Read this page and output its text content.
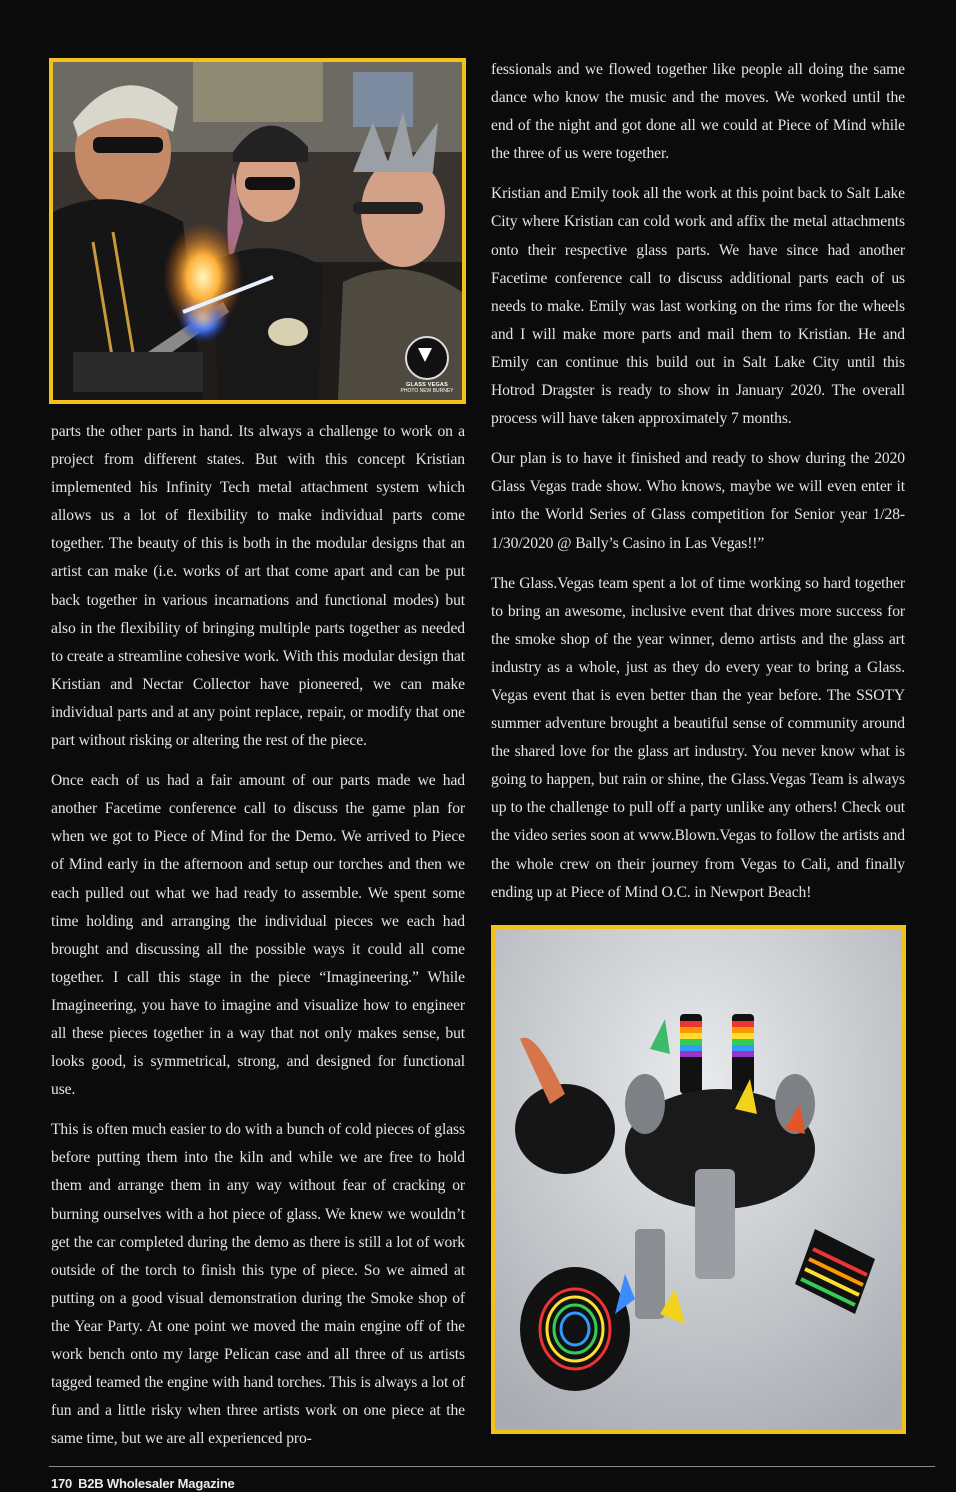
GLASS VEGAS
PHOTO NEW BURNEY

parts the other parts in hand. Its always a challenge to work on a project from different states. But with this concept Kristian implemented his Infinity Tech metal attachment system which allows us a lot of flexibility to make individual parts come together. The beauty of this is both in the modular designs that an artist can make (i.e. works of art that come apart and can be put back together in various incarnations and functional modes) but also in the flexibility of bringing multiple parts together as needed to create a streamline cohesive work. With this modular design that Kristian and Nectar Collector have pioneered, we can make individual parts and at any point replace, repair, or modify that one part without risking or altering the rest of the piece.

Once each of us had a fair amount of our parts made we had another Facetime conference call to discuss the game plan for when we got to Piece of Mind for the Demo. We arrived to Piece of Mind early in the afternoon and setup our torches and then we each pulled out what we had ready to assemble. We spent some time holding and arranging the individual pieces we each had brought and discussing all the possible ways it could all come together. I call this stage in the piece “Imagineering.” While Imagineering, you have to imagine and visualize how to engineer all these pieces together in a way that not only makes sense, but looks good, is symmetrical, strong, and designed for functional use.

This is often much easier to do with a bunch of cold pieces of glass before putting them into the kiln and while we are free to hold them and arrange them in any way without fear of cracking or burning ourselves with a hot piece of glass. We knew we wouldn’t get the car completed during the demo as there is still a lot of work outside of the torch to finish this type of piece. So we aimed at putting on a good visual demonstration during the Smoke shop of the Year Party. At one point we moved the main engine off of the work bench onto my large Pelican case and all three of us artists tagged teamed the engine with hand torches. This is always a lot of fun and a little risky when three artists work on one piece at the same time, but we are all experienced pro-

fessionals and we flowed together like people all doing the same dance who know the music and the moves. We worked until the end of the night and got done all we could at Piece of Mind while the three of us were together.

Kristian and Emily took all the work at this point back to Salt Lake City where Kristian can cold work and affix the metal attachments onto their respective glass parts. We have since had another Facetime conference call to discuss additional parts each of us needs to make. Emily was last working on the rims for the wheels and I will make more parts and mail them to Kristian. He and Emily can continue this build out in Salt Lake City until this Hotrod Dragster is ready to show in January 2020. The overall process will have taken approximately 7 months.

Our plan is to have it finished and ready to show during the 2020 Glass Vegas trade show. Who knows, maybe we will even enter it into the World Series of Glass competition for Senior year 1/28-1/30/2020 @ Bally’s Casino in Las Vegas!!”

The Glass.Vegas team spent a lot of time working so hard together to bring an awesome, inclusive event that drives more success for the smoke shop of the year winner, demo artists and the glass art industry as a whole, just as they do every year to bring a Glass. Vegas event that is even better than the year before. The SSOTY summer adventure brought a beautiful sense of community around the shared love for the glass art industry. You never know what is going to happen, but rain or shine, the Glass.Vegas Team is always up to the challenge to pull off a party unlike any others! Check out the video series soon at www.Blown.Vegas to follow the artists and the whole crew on their journey from Vegas to Cali, and finally ending up at Piece of Mind O.C. in Newport Beach!

170 B2B Wholesaler Magazine
